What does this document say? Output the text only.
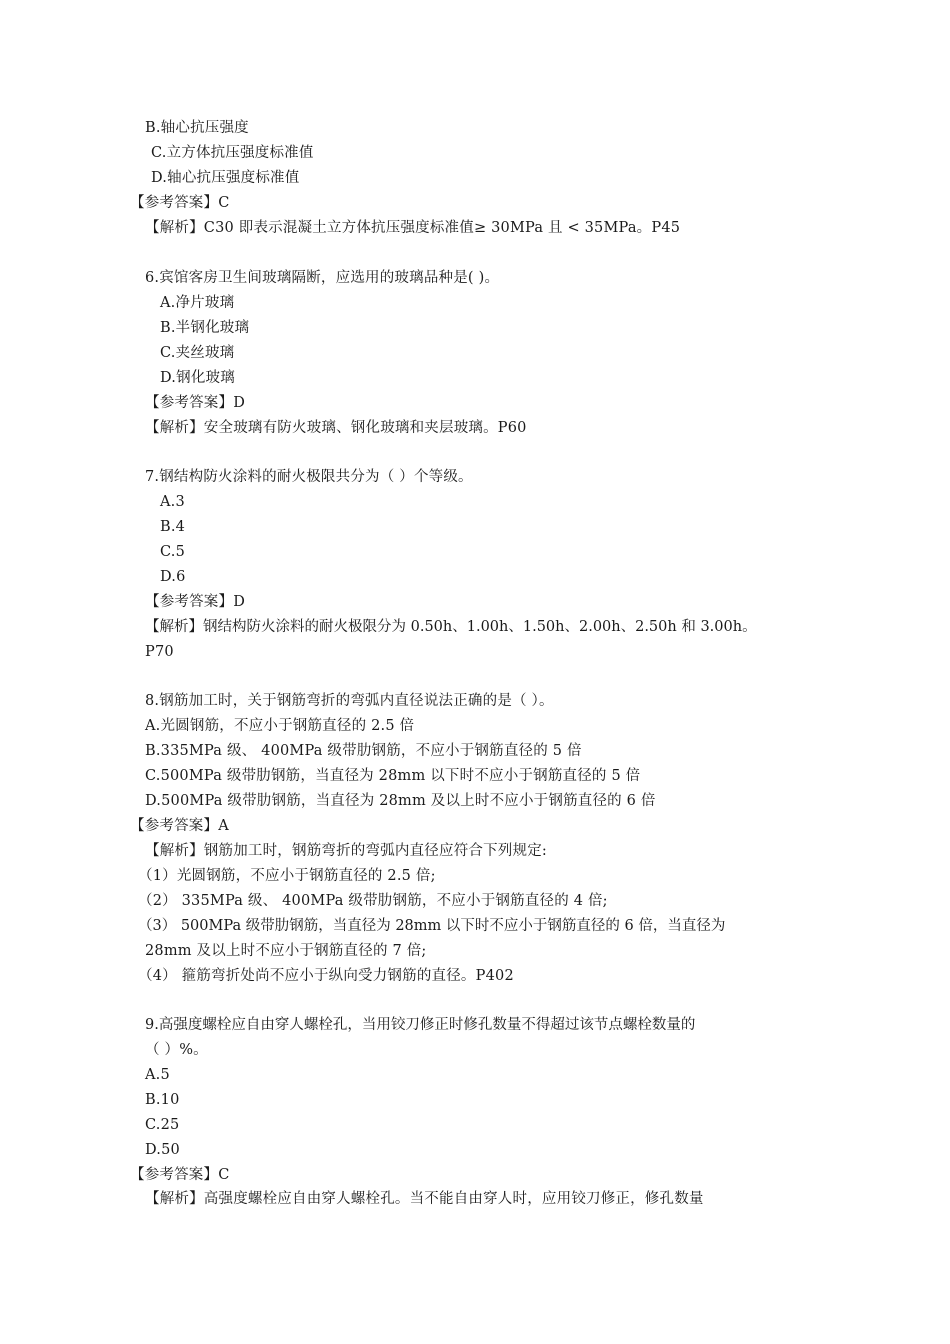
B.轴心抗压强度
C.立方体抗压强度标准值
D.轴心抗压强度标准值
【参考答案】C
【解析】C30 即表示混凝土立方体抗压强度标准值≥ 30MPa 且 < 35MPa。P45
6.宾馆客房卫生间玻璃隔断，应选用的玻璃品种是( )。
A.净片玻璃
B.半钢化玻璃
C.夹丝玻璃
D.钢化玻璃
【参考答案】D
【解析】安全玻璃有防火玻璃、钢化玻璃和夹层玻璃。P60
7.钢结构防火涂料的耐火极限共分为（ ）个等级。
A.3
B.4
C.5
D.6
【参考答案】D
【解析】钢结构防火涂料的耐火极限分为 0.50h、1.00h、1.50h、2.00h、2.50h 和 3.00h。
P70
8.钢筋加工时，关于钢筋弯折的弯弧内直径说法正确的是（ ）。
A.光圆钢筋，不应小于钢筋直径的 2.5 倍
B.335MPa 级、 400MPa 级带肋钢筋，不应小于钢筋直径的 5 倍
C.500MPa 级带肋钢筋，当直径为 28mm 以下时不应小于钢筋直径的 5 倍
D.500MPa 级带肋钢筋，当直径为 28mm 及以上时不应小于钢筋直径的 6 倍
【参考答案】A
【解析】钢筋加工时，钢筋弯折的弯弧内直径应符合下列规定:
（1）光圆钢筋，不应小于钢筋直径的 2.5 倍;
（2） 335MPa 级、 400MPa 级带肋钢筋，不应小于钢筋直径的 4 倍;
（3） 500MPa 级带肋钢筋，当直径为 28mm 以下时不应小于钢筋直径的 6 倍，当直径为
28mm 及以上时不应小于钢筋直径的 7 倍;
（4） 箍筋弯折处尚不应小于纵向受力钢筋的直径。P402
9.高强度螺栓应自由穿人螺栓孔，当用铰刀修正时修孔数量不得超过该节点螺栓数量的
（ ）%。
A.5
B.10
C.25
D.50
【参考答案】C
【解析】高强度螺栓应自由穿人螺栓孔。当不能自由穿人时，应用铰刀修正，修孔数量
